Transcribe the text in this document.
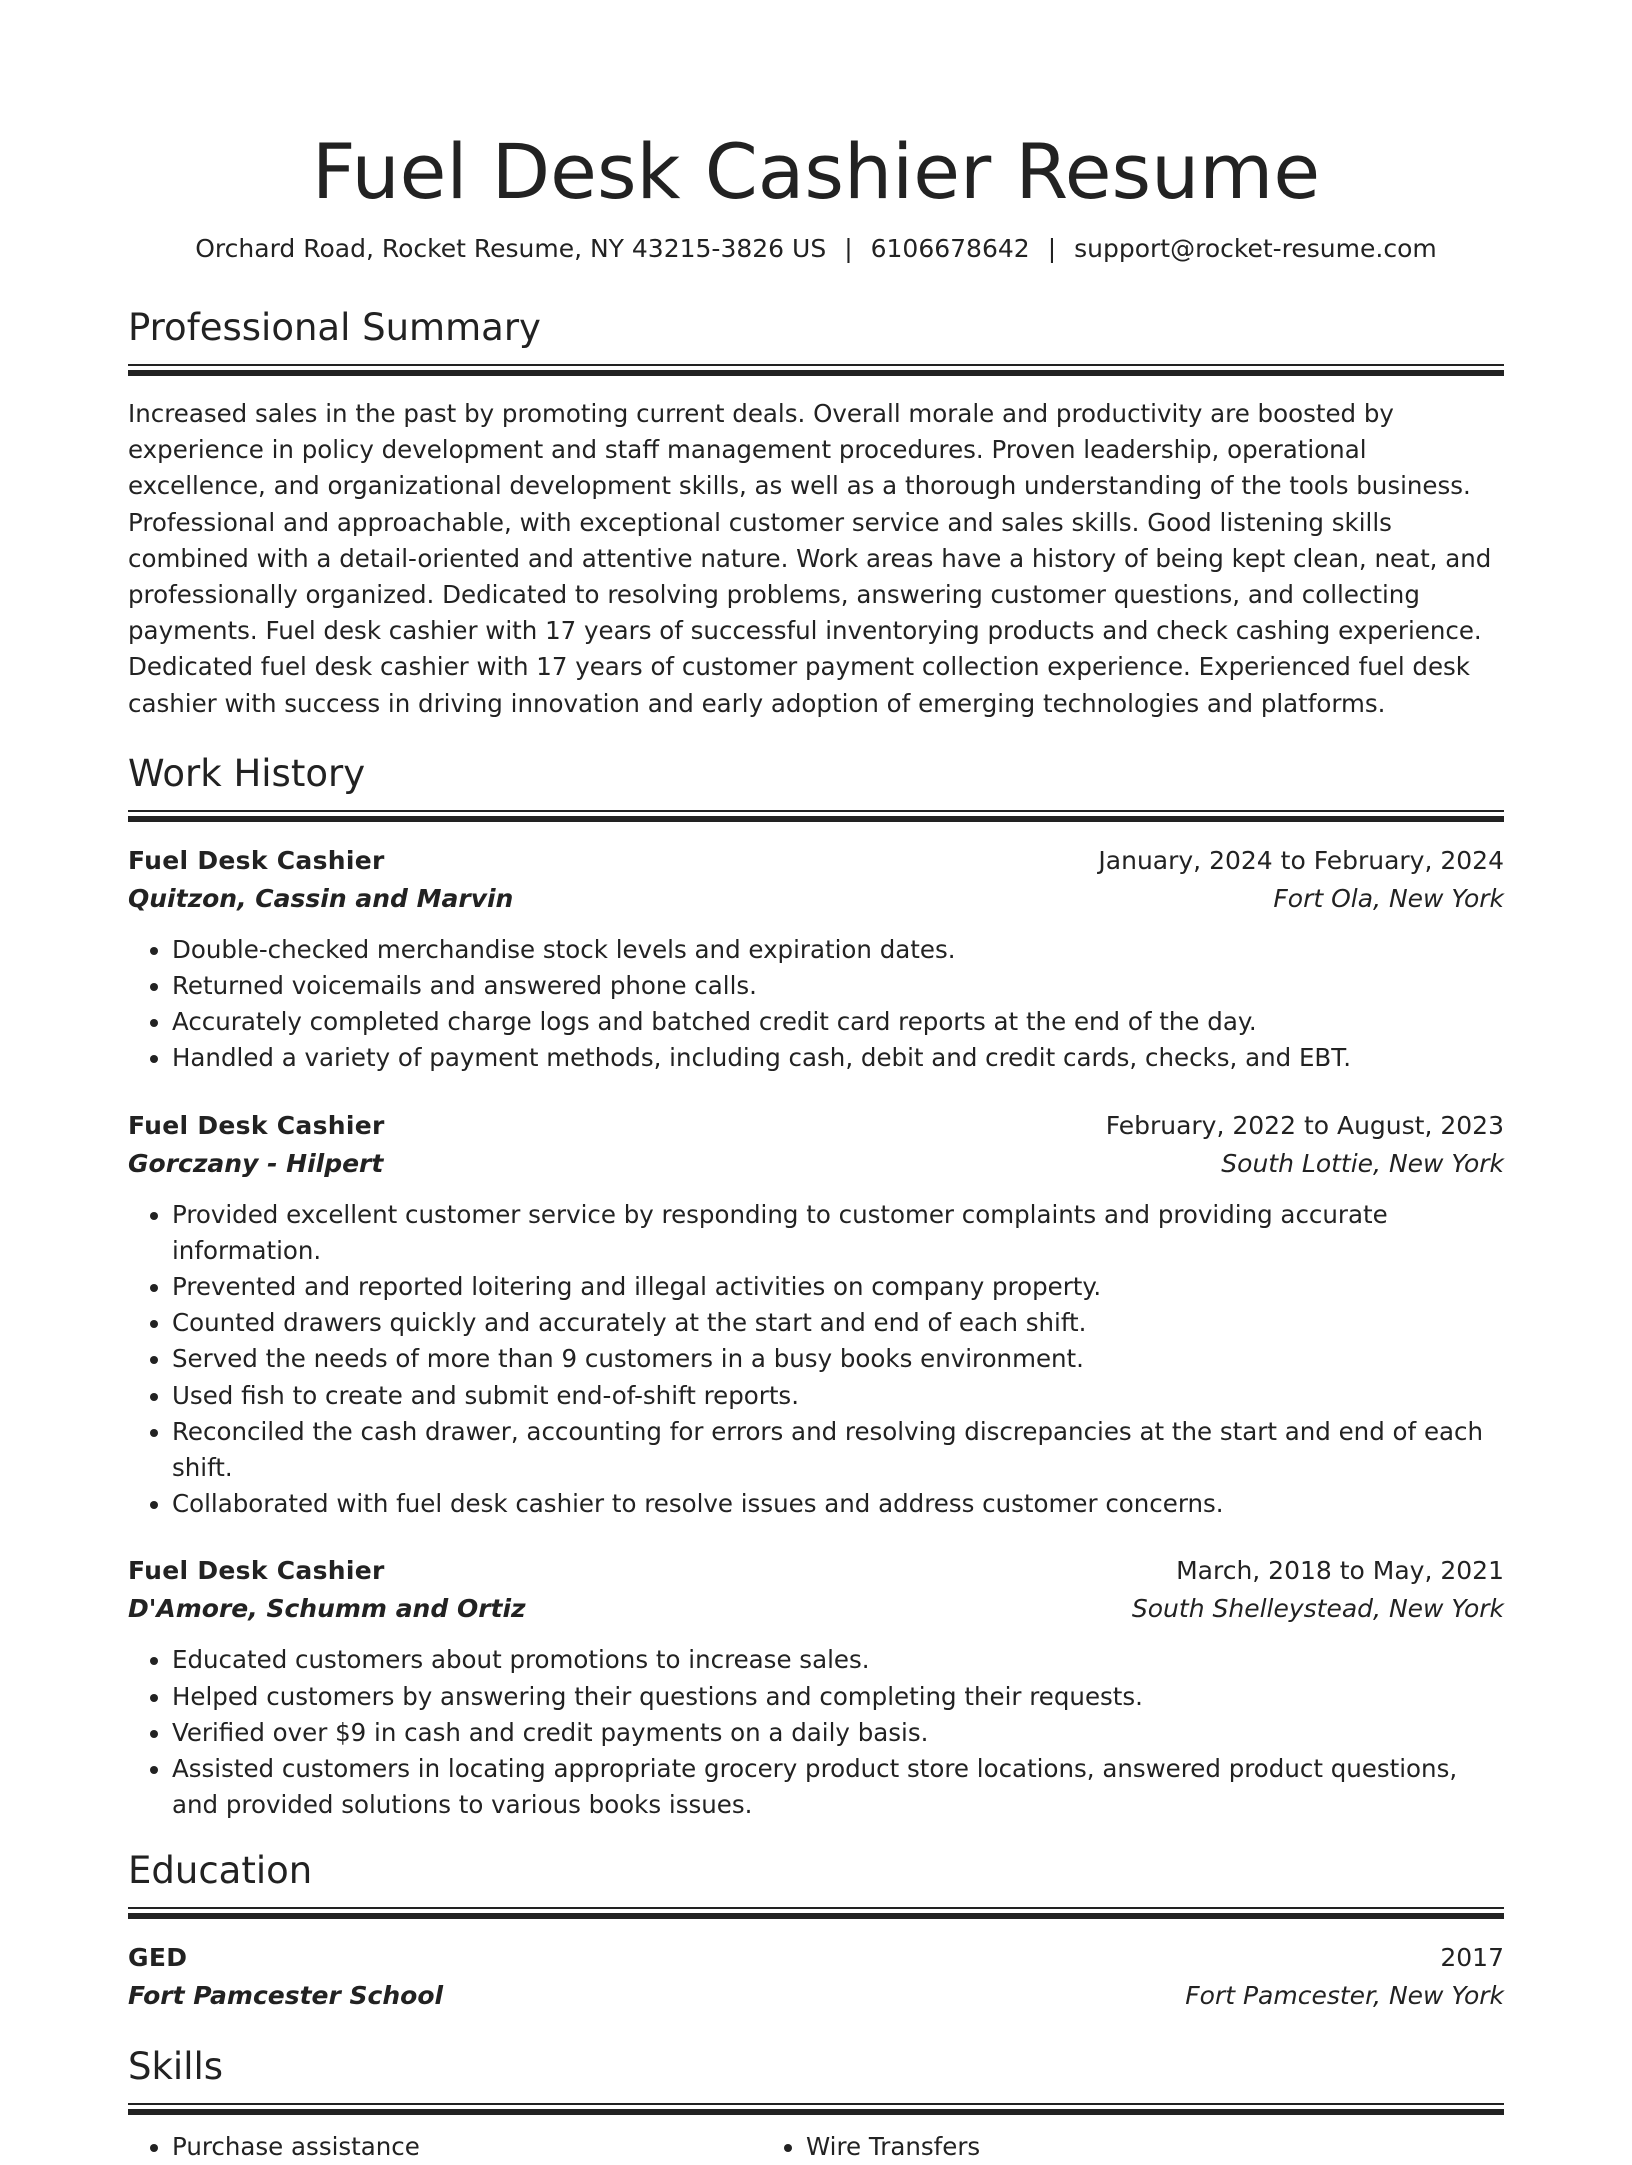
Fuel Desk Cashier Resume
Orchard Road, Rocket Resume, NY 43215-3826 US | 6106678642 | support@rocket-resume.com
Professional Summary
Increased sales in the past by promoting current deals. Overall morale and productivity are boosted by experience in policy development and staff management procedures. Proven leadership, operational excellence, and organizational development skills, as well as a thorough understanding of the tools business. Professional and approachable, with exceptional customer service and sales skills. Good listening skills combined with a detail-oriented and attentive nature. Work areas have a history of being kept clean, neat, and professionally organized. Dedicated to resolving problems, answering customer questions, and collecting payments. Fuel desk cashier with 17 years of successful inventorying products and check cashing experience. Dedicated fuel desk cashier with 17 years of customer payment collection experience. Experienced fuel desk cashier with success in driving innovation and early adoption of emerging technologies and platforms.
Work History
Fuel Desk Cashier	January, 2024 to February, 2024
Quitzon, Cassin and Marvin	Fort Ola, New York
• Double-checked merchandise stock levels and expiration dates.
• Returned voicemails and answered phone calls.
• Accurately completed charge logs and batched credit card reports at the end of the day.
• Handled a variety of payment methods, including cash, debit and credit cards, checks, and EBT.
Fuel Desk Cashier	February, 2022 to August, 2023
Gorczany - Hilpert	South Lottie, New York
• Provided excellent customer service by responding to customer complaints and providing accurate information.
• Prevented and reported loitering and illegal activities on company property.
• Counted drawers quickly and accurately at the start and end of each shift.
• Served the needs of more than 9 customers in a busy books environment.
• Used fish to create and submit end-of-shift reports.
• Reconciled the cash drawer, accounting for errors and resolving discrepancies at the start and end of each shift.
• Collaborated with fuel desk cashier to resolve issues and address customer concerns.
Fuel Desk Cashier	March, 2018 to May, 2021
D'Amore, Schumm and Ortiz	South Shelleystead, New York
• Educated customers about promotions to increase sales.
• Helped customers by answering their questions and completing their requests.
• Verified over $9 in cash and credit payments on a daily basis.
• Assisted customers in locating appropriate grocery product store locations, answered product questions, and provided solutions to various books issues.
Education
GED	2017
Fort Pamcester School	Fort Pamcester, New York
Skills
• Purchase assistance
•	Wire Transfers
